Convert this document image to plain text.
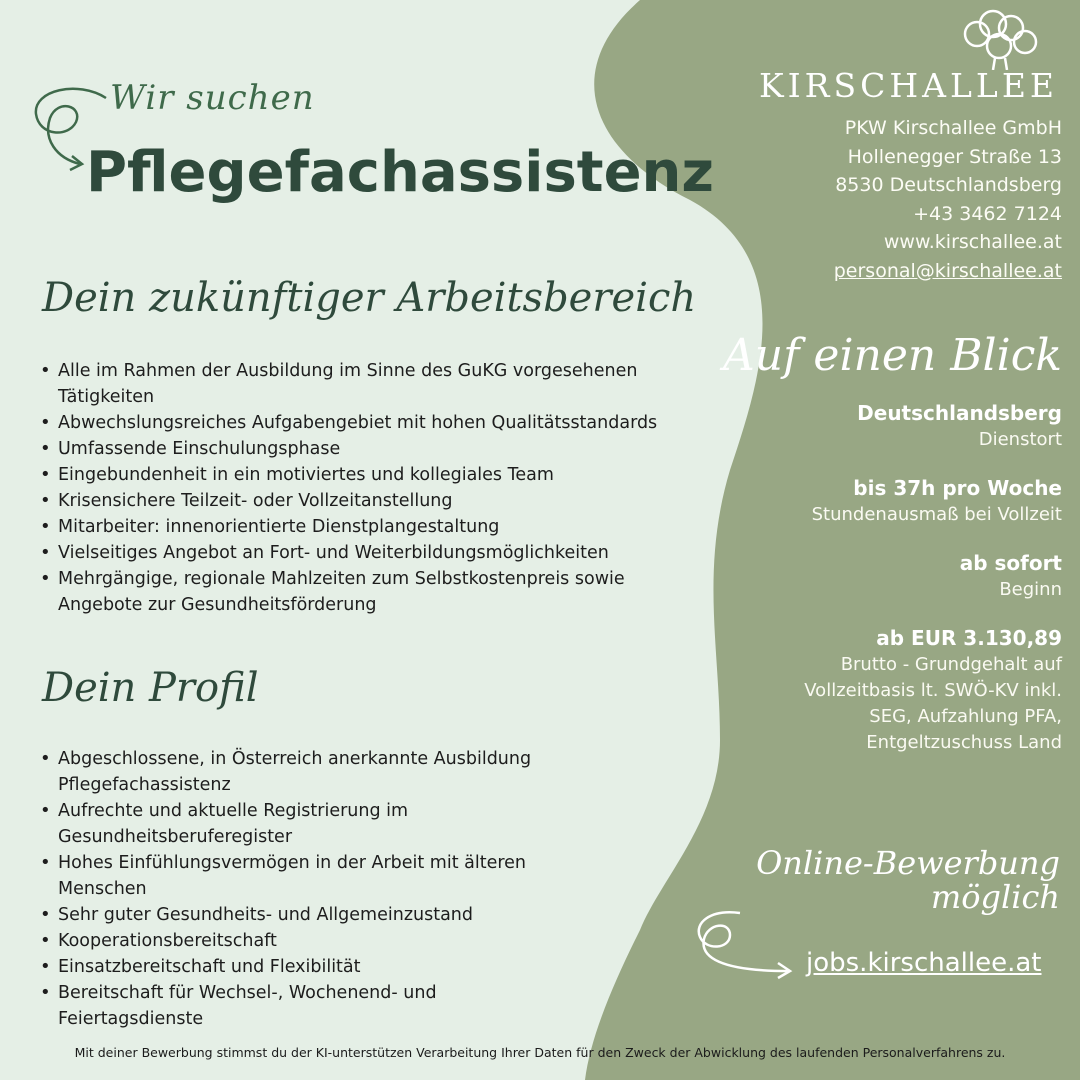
Wir suchen
Pflegefachassistenz
Dein zukünftiger Arbeitsbereich
• Alle im Rahmen der Ausbildung im Sinne des GuKG vorgesehenen Tätigkeiten
• Abwechslungsreiches Aufgabengebiet mit hohen Qualitätsstandards
• Umfassende Einschulungsphase
• Eingebundenheit in ein motiviertes und kollegiales Team
• Krisensichere Teilzeit- oder Vollzeitanstellung
• Mitarbeiter: innenorientierte Dienstplangestaltung
• Vielseitiges Angebot an Fort- und Weiterbildungsmöglichkeiten
• Mehrgängige, regionale Mahlzeiten zum Selbstkostenpreis sowie Angebote zur Gesundheitsförderung
Dein Profil
• Abgeschlossene, in Österreich anerkannte Ausbildung Pflegefachassistenz
• Aufrechte und aktuelle Registrierung im Gesundheitsberuferegister
• Hohes Einfühlungsvermögen in der Arbeit mit älteren Menschen
• Sehr guter Gesundheits- und Allgemeinzustand
• Kooperationsbereitschaft
• Einsatzbereitschaft und Flexibilität
• Bereitschaft für Wechsel-, Wochenend- und Feiertagsdienste
KIRSCHALLEE
PKW Kirschallee GmbH
Hollenegger Straße 13
8530 Deutschlandsberg
+43 3462 7124
www.kirschallee.at
personal@kirschallee.at
Auf einen Blick
Deutschlandsberg
Dienstort
bis 37h pro Woche
Stundenausmaß bei Vollzeit
ab sofort
Beginn
ab EUR 3.130,89
Brutto - Grundgehalt auf Vollzeitbasis lt. SWÖ-KV inkl. SEG, Aufzahlung PFA, Entgeltzuschuss Land
Online-Bewerbung
möglich
jobs.kirschallee.at
Mit deiner Bewerbung stimmst du der KI-unterstützen Verarbeitung Ihrer Daten für den Zweck der Abwicklung des laufenden Personalverfahrens zu.
